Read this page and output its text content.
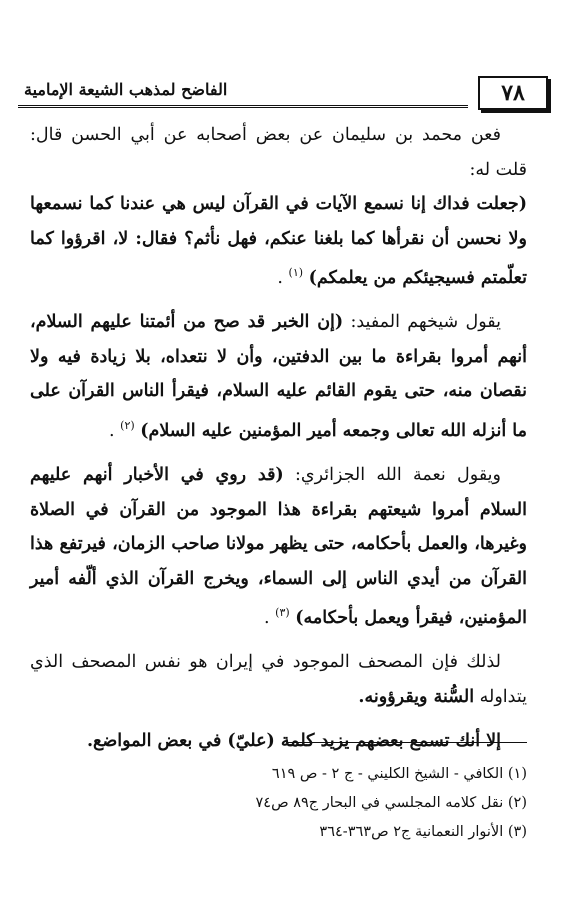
٧٨
الفاضح لمذهب الشيعة الإمامية

فعن محمد بن سليمان عن بعض أصحابه عن أبي الحسن قال: قلت له:
(جعلت فداك إنا نسمع الآيات في القرآن ليس هي عندنا كما نسمعها ولا نحسن أن نقرأها كما بلغنا عنكم، فهل نأثم؟ فقال: لا، اقرؤوا كما تعلّمتم فسيجيئكم من يعلمكم) $^{(١)}$ .

يقول شيخهم المفيد: (إن الخبر قد صح من أئمتنا عليهم السلام، أنهم أمروا بقراءة ما بين الدفتين، وأن لا نتعداه، بلا زيادة فيه ولا نقصان منه، حتى يقوم القائم عليه السلام، فيقرأ الناس القرآن على ما أنزله الله تعالى وجمعه أمير المؤمنين عليه السلام) $^{(٢)}$ .

ويقول نعمة الله الجزائري: (قد روي في الأخبار أنهم عليهم السلام أمروا شيعتهم بقراءة هذا الموجود من القرآن في الصلاة وغيرها، والعمل بأحكامه، حتى يظهر مولانا صاحب الزمان، فيرتفع هذا القرآن من أيدي الناس إلى السماء، ويخرج القرآن الذي ألّفه أمير المؤمنين، فيقرأ ويعمل بأحكامه) $^{(٣)}$ .

لذلك فإن المصحف الموجود في إيران هو نفس المصحف الذي يتداوله السُّنة ويقرؤونه.

إلا أنك تسمع بعضهم يزيد كلمة (عليّ) في بعض المواضع.

(١) الكافي - الشيخ الكليني - ج ٢ - ص ٦١٩

(٢) نقل كلامه المجلسي في البحار ج٨٩ ص٧٤

(٣) الأنوار النعمانية ج٢ ص٣٦٣-٣٦٤
